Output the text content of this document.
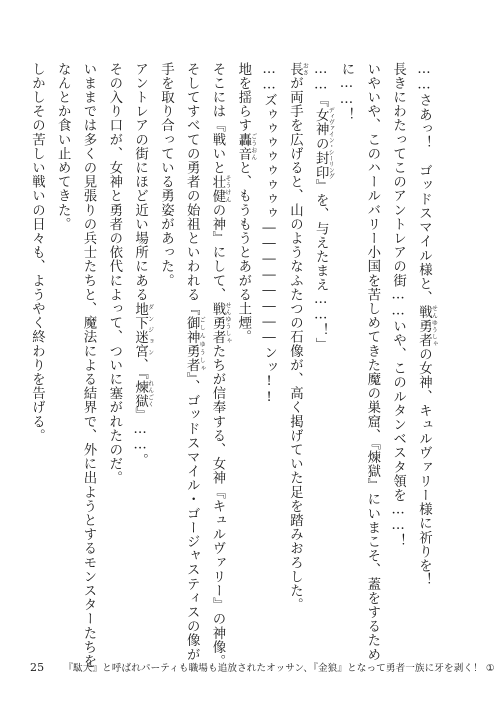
……さあっ！　ゴッドスマイル様と、戦勇者 せんゆうしゃの女神、キュルヴァリー様に祈りを！
長きにわたってこのアントレアの街……いや、このルタンベスタ領を……！
いやいや、このハールバリー小国を苦しめてきた魔の巣窟、『煉獄』にいまこそ、蓋をするため
に……！
……『女神の封印 ディヴァイン・シーリング』を、与えたまえ……！」
長 おさが両手を広げると、山のようなふたつの石像が、高く掲げていた足を踏みおろした。
……ズゥゥゥゥゥゥゥゥ――――――――ンッ!!
地を揺らす轟音 ごうおんと、もうもうとあがる土煙。
そこには『戦いと壮健 そうけんの神』にして、戦勇者 せんゆうしゃたちが信奉する、女神『キュルヴァリー』の神像。
そしてすべての勇者の始祖といわれる『御神勇者 ごしんゆうしゃ』、ゴッドスマイル・ゴージャスティスの像が
手を取り合っている勇姿があった。
アントレアの街にほど近い場所にある地下迷宮 ダンジョン、『煉獄 れんごく』……。
その入り口が、女神と勇者の依代によって、ついに塞がれたのだ。
いままでは多くの見張りの兵士たちと、魔法による結界で、外に出ようとするモンスターたちを
なんとか食い止めてきた。
しかしその苦しい戦いの日々も、ようやく終わりを告げる。
25 『駄犬』と呼ばれパーティも職場も追放されたオッサン、『金狼』となって勇者一族に牙を剥く！ ①
